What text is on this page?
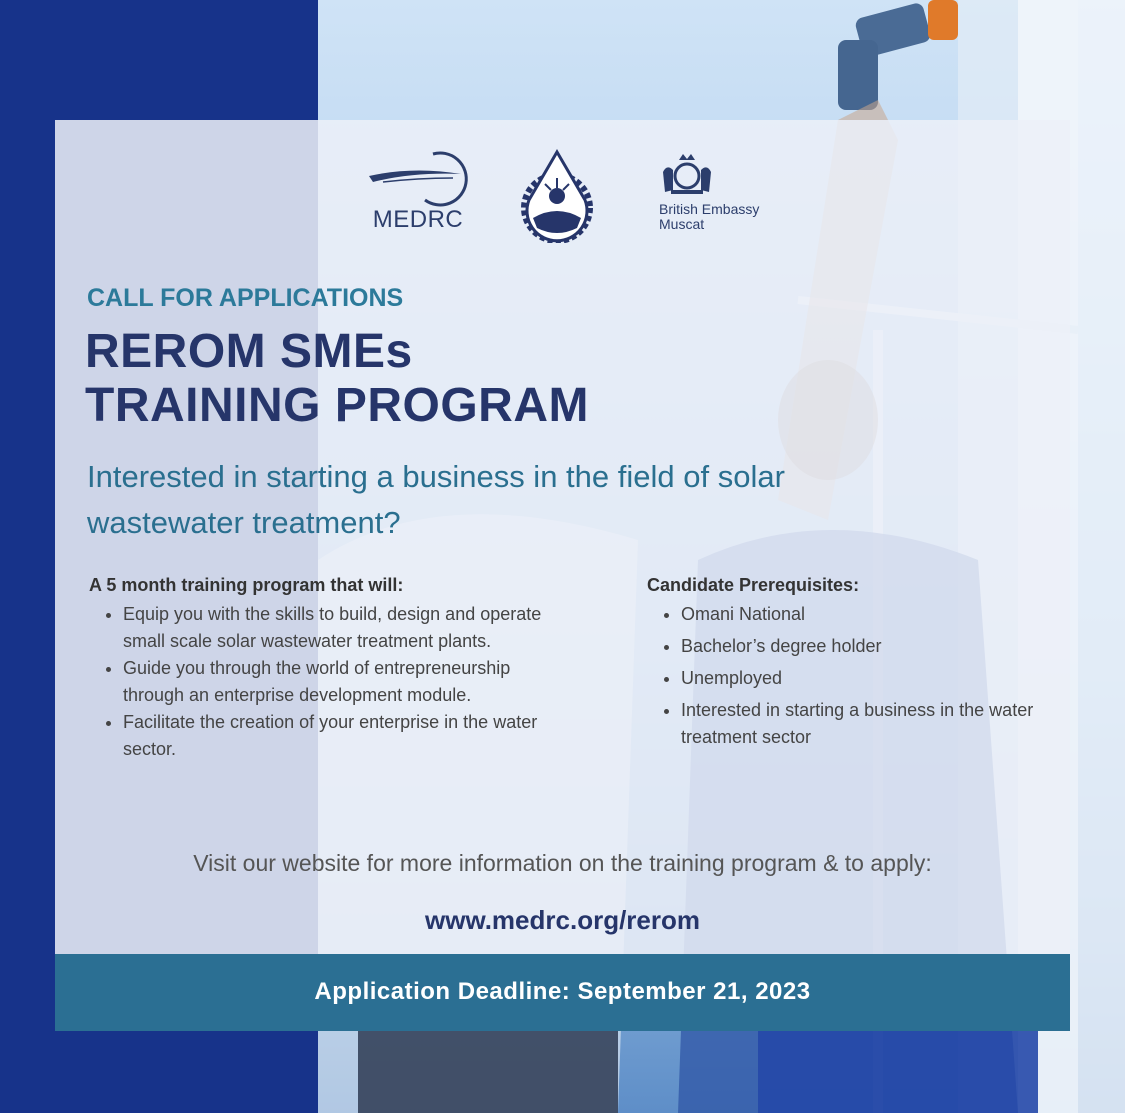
MEDRC	British Embassy
Muscat
CALL FOR APPLICATIONS
REROM SMEs
TRAINING PROGRAM
Interested in starting a business in the field of solar wastewater treatment?
A 5 month training program that will:
• Equip you with the skills to build, design and operate small scale solar wastewater treatment plants.
• Guide you through the world of entrepreneurship through an enterprise development module.
• Facilitate the creation of your enterprise in the water sector.
Candidate Prerequisites:
• Omani National
• Bachelor’s degree holder
• Unemployed
• Interested in starting a business in the water treatment sector
Visit our website for more information on the training program & to apply:
www.medrc.org/rerom
Application Deadline: September 21, 2023
